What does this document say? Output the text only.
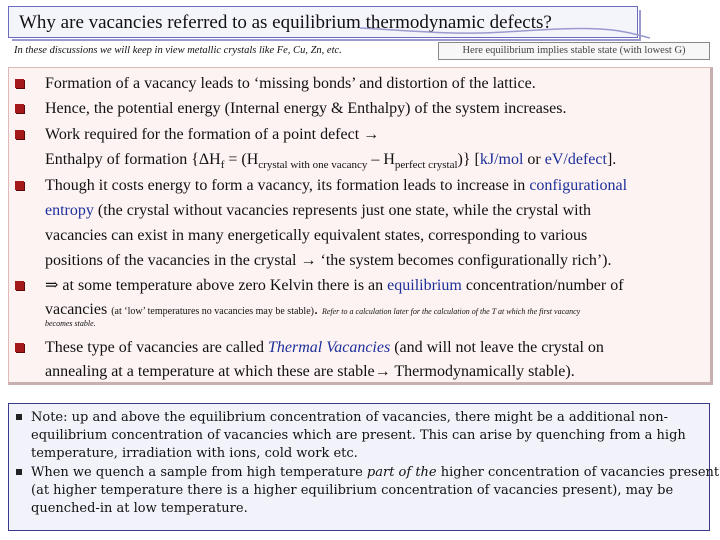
Why are vacancies referred to as equilibrium thermodynamic defects?
In these discussions we will keep in view metallic crystals like Fe, Cu, Zn, etc.	Here equilibrium implies stable state (with lowest G)
Formation of a vacancy leads to ‘missing bonds’ and distortion of the lattice.
Hence, the potential energy (Internal energy & Enthalpy) of the system increases.
Work required for the formation of a point defect →
Enthalpy of formation $\{\Delta H_f = (H_{crystal with one vacancy} - H_{perfect crystal})\}$ [kJ/mol or eV/defect].
Though it costs energy to form a vacancy, its formation leads to increase in configurational
entropy (the crystal without vacancies represents just one state, while the crystal with
vacancies can exist in many energetically equivalent states, corresponding to various
positions of the vacancies in the crystal → ‘the system becomes configurationally rich’).
⇒ at some temperature above zero Kelvin there is an equilibrium concentration/number of
vacancies (at ‘low’ temperatures no vacancies may be stable). Refer to a calculation later for the calculation of the T at which the first vacancy
becomes stable.
These type of vacancies are called Thermal Vacancies (and will not leave the crystal on
annealing at a temperature at which these are stable→ Thermodynamically stable).
Note: up and above the equilibrium concentration of vacancies, there might be a additional non-
equilibrium concentration of vacancies which are present. This can arise by quenching from a high
temperature, irradiation with ions, cold work etc.
When we quench a sample from high temperature part of the higher concentration of vacancies present
(at higher temperature there is a higher equilibrium concentration of vacancies present), may be
quenched-in at low temperature.
